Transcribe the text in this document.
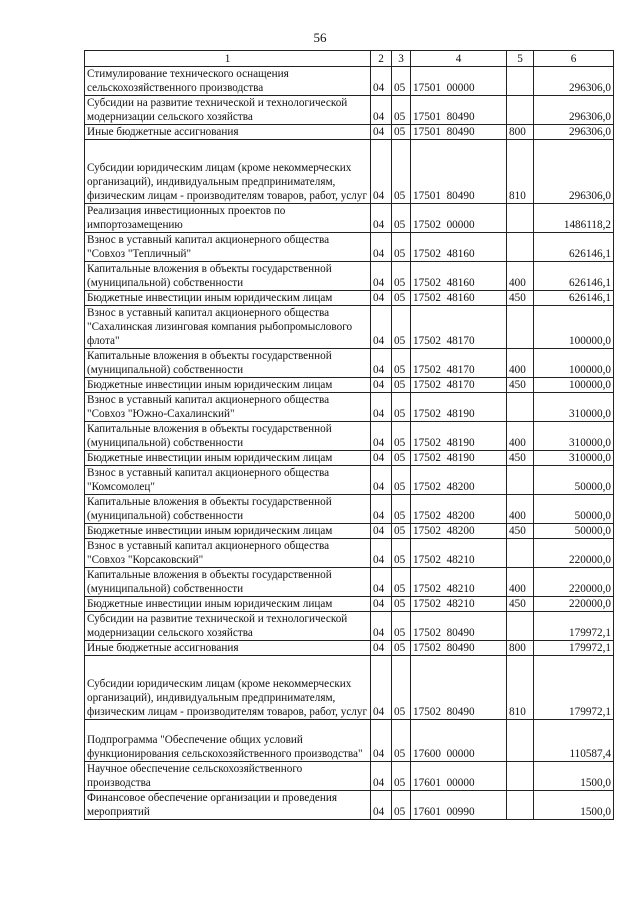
56
1	2	3	4	5	6
Стимулирование технического оснащения сельскохозяйственного производства	04	05	17501  00000		296306,0
Субсидии на развитие технической и технологической модернизации сельского хозяйства	04	05	17501  80490		296306,0
Иные бюджетные ассигнования	04	05	17501  80490	800	296306,0
Субсидии юридическим лицам (кроме некоммерческих организаций), индивидуальным предпринимателям, физическим лицам - производителям товаров, работ, услуг	04	05	17501  80490	810	296306,0
Реализация инвестиционных проектов по импортозамещению	04	05	17502  00000		1486118,2
Взнос в уставный капитал акционерного общества "Совхоз "Тепличный"	04	05	17502  48160		626146,1
Капитальные вложения в объекты государственной (муниципальной) собственности	04	05	17502  48160	400	626146,1
Бюджетные инвестиции иным юридическим лицам	04	05	17502  48160	450	626146,1
Взнос в уставный капитал акционерного общества "Сахалинская лизинговая компания рыбопромыслового флота"	04	05	17502  48170		100000,0
Капитальные вложения в объекты государственной (муниципальной) собственности	04	05	17502  48170	400	100000,0
Бюджетные инвестиции иным юридическим лицам	04	05	17502  48170	450	100000,0
Взнос в уставный капитал акционерного общества "Совхоз "Южно-Сахалинский"	04	05	17502  48190		310000,0
Капитальные вложения в объекты государственной (муниципальной) собственности	04	05	17502  48190	400	310000,0
Бюджетные инвестиции иным юридическим лицам	04	05	17502  48190	450	310000,0
Взнос в уставный капитал акционерного общества "Комсомолец"	04	05	17502  48200		50000,0
Капитальные вложения в объекты государственной (муниципальной) собственности	04	05	17502  48200	400	50000,0
Бюджетные инвестиции иным юридическим лицам	04	05	17502  48200	450	50000,0
Взнос в уставный капитал акционерного общества "Совхоз "Корсаковский"	04	05	17502  48210		220000,0
Капитальные вложения в объекты государственной (муниципальной) собственности	04	05	17502  48210	400	220000,0
Бюджетные инвестиции иным юридическим лицам	04	05	17502  48210	450	220000,0
Субсидии на развитие технической и технологической модернизации сельского хозяйства	04	05	17502  80490		179972,1
Иные бюджетные ассигнования	04	05	17502  80490	800	179972,1
Субсидии юридическим лицам (кроме некоммерческих организаций), индивидуальным предпринимателям, физическим лицам - производителям товаров, работ, услуг	04	05	17502  80490	810	179972,1
Подпрограмма "Обеспечение общих условий функционирования сельскохозяйственного производства"	04	05	17600  00000		110587,4
Научное обеспечение сельскохозяйственного производства	04	05	17601  00000		1500,0
Финансовое обеспечение организации и проведения мероприятий	04	05	17601  00990		1500,0
